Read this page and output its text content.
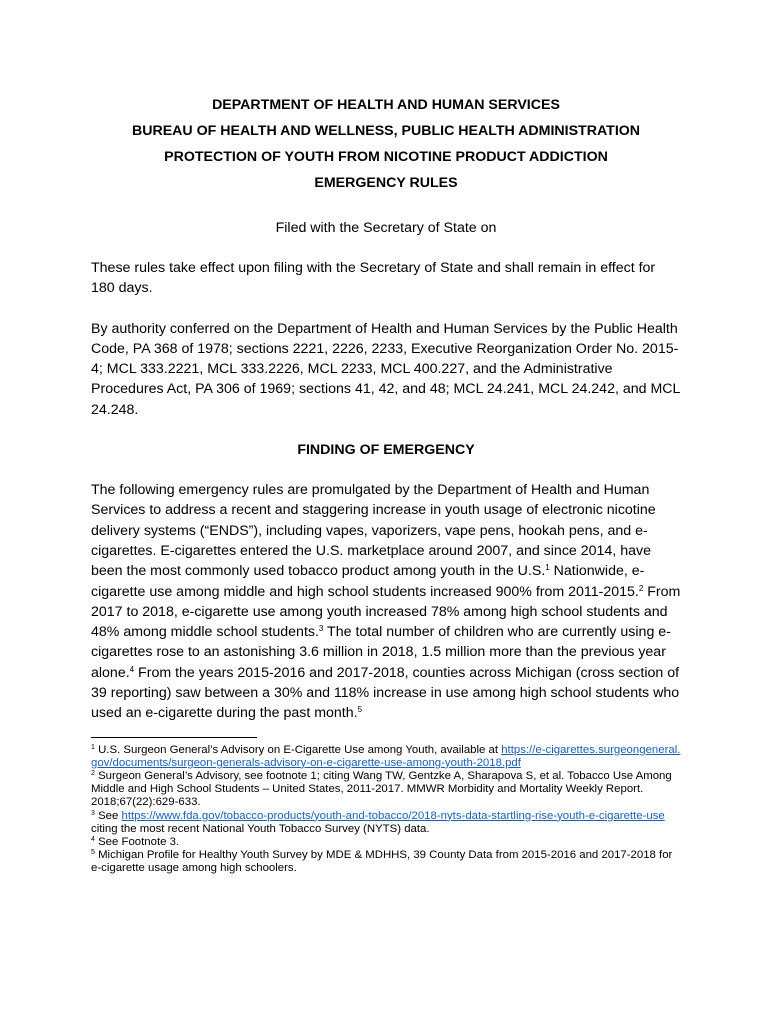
DEPARTMENT OF HEALTH AND HUMAN SERVICES

BUREAU OF HEALTH AND WELLNESS, PUBLIC HEALTH ADMINISTRATION

PROTECTION OF YOUTH FROM NICOTINE PRODUCT ADDICTION

EMERGENCY RULES

Filed with the Secretary of State on

These rules take effect upon filing with the Secretary of State and shall remain in effect for 180 days.

By authority conferred on the Department of Health and Human Services by the Public Health Code, PA 368 of 1978; sections 2221, 2226, 2233, Executive Reorganization Order No. 2015-4; MCL 333.2221, MCL 333.2226, MCL 2233, MCL 400.227, and the Administrative Procedures Act, PA 306 of 1969; sections 41, 42, and 48; MCL 24.241, MCL 24.242, and MCL 24.248.

FINDING OF EMERGENCY

The following emergency rules are promulgated by the Department of Health and Human Services to address a recent and staggering increase in youth usage of electronic nicotine delivery systems (“ENDS”), including vapes, vaporizers, vape pens, hookah pens, and e-cigarettes. E-cigarettes entered the U.S. marketplace around 2007, and since 2014, have been the most commonly used tobacco product among youth in the U.S.$^1$ Nationwide, e-cigarette use among middle and high school students increased 900% from 2011-2015.$^2$ From 2017 to 2018, e-cigarette use among youth increased 78% among high school students and 48% among middle school students.$^3$ The total number of children who are currently using e-cigarettes rose to an astonishing 3.6 million in 2018, 1.5 million more than the previous year alone.$^4$ From the years 2015-2016 and 2017-2018, counties across Michigan (cross section of 39 reporting) saw between a 30% and 118% increase in use among high school students who used an e-cigarette during the past month.$^5$

$^1$ U.S. Surgeon General’s Advisory on E-Cigarette Use among Youth, available at https://e-cigarettes.surgeongeneral.gov/documents/surgeon-generals-advisory-on-e-cigarette-use-among-youth-2018.pdf

$^2$ Surgeon General’s Advisory, see footnote 1; citing Wang TW, Gentzke A, Sharapova S, et al. Tobacco Use Among Middle and High School Students – United States, 2011-2017. MMWR Morbidity and Mortality Weekly Report. 2018;67(22):629-633.

$^3$ See https://www.fda.gov/tobacco-products/youth-and-tobacco/2018-nyts-data-startling-rise-youth-e-cigarette-use citing the most recent National Youth Tobacco Survey (NYTS) data.

$^4$ See Footnote 3.

$^5$ Michigan Profile for Healthy Youth Survey by MDE & MDHHS, 39 County Data from 2015-2016 and 2017-2018 for e-cigarette usage among high schoolers.
